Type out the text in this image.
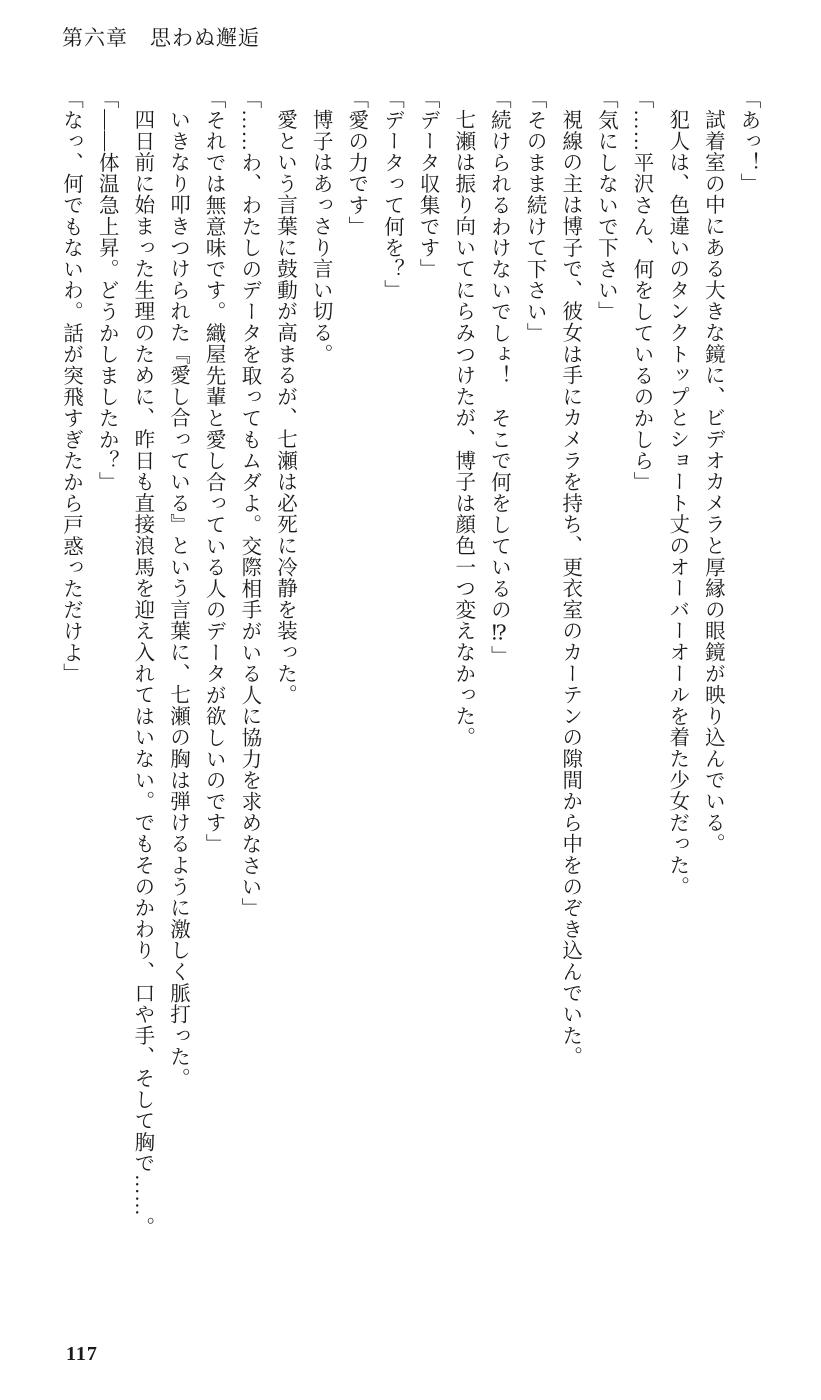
第六章 思わぬ邂逅

「あっ！」

試着室の中にある大きな鏡に、ビデオカメラと厚縁の眼鏡が映り込んでいる。

犯人は、色違いのタンクトップとショート丈のオーバーオールを着た少女だった。

「……平沢さん、何をしているのかしら」

「気にしないで下さい」

視線の主は博子で、彼女は手にカメラを持ち、更衣室のカーテンの隙間から中をのぞき込んでいた。

「そのまま続けて下さい」

「続けられるわけないでしょ！　そこで何をしているの⁉」

七瀬は振り向いてにらみつけたが、博子は顔色一つ変えなかった。

「データ収集です」

「データって何を？」

「愛の力です」

博子はあっさり言い切る。

愛という言葉に鼓動が高まるが、七瀬は必死に冷静を装った。

「……わ、わたしのデータを取ってもムダよ。交際相手がいる人に協力を求めなさい」

「それでは無意味です。織屋先輩と愛し合っている人のデータが欲しいのです」

いきなり叩きつけられた『愛し合っている』という言葉に、七瀬の胸は弾けるように激しく脈打った。

四日前に始まった生理のために、昨日も直接浪馬を迎え入れてはいない。でもそのかわり、口や手、そして胸で……。

「――体温急上昇。どうかしましたか？」

「なっ、何でもないわ。話が突飛すぎたから戸惑っただけよ」

117
